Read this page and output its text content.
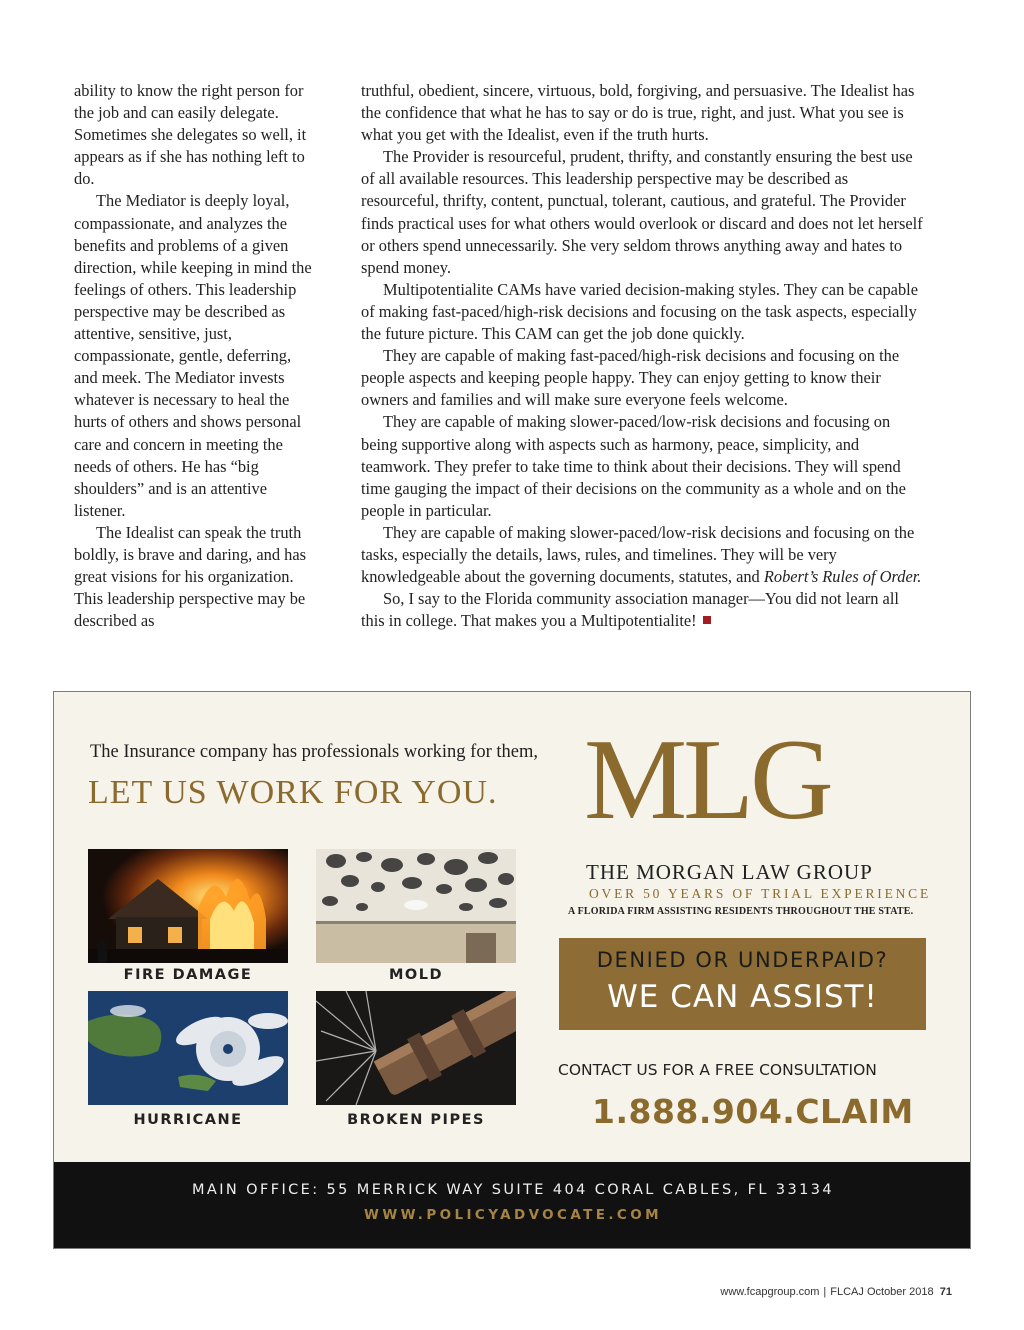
ability to know the right person for the job and can easily delegate. Sometimes she delegates so well, it appears as if she has nothing left to do.

The Mediator is deeply loyal, compassionate, and analyzes the benefits and problems of a given direction, while keeping in mind the feelings of others. This leadership perspective may be described as attentive, sensitive, just, compassionate, gentle, deferring, and meek. The Mediator invests whatever is necessary to heal the hurts of others and shows personal care and concern in meeting the needs of others. He has “big shoulders” and is an attentive listener.

The Idealist can speak the truth boldly, is brave and daring, and has great visions for his organization. This leadership perspective may be described as

truthful, obedient, sincere, virtuous, bold, forgiving, and persuasive. The Idealist has the confidence that what he has to say or do is true, right, and just. What you see is what you get with the Idealist, even if the truth hurts.

The Provider is resourceful, prudent, thrifty, and constantly ensuring the best use of all available resources. This leadership perspective may be described as resourceful, thrifty, content, punctual, tolerant, cautious, and grateful. The Provider finds practical uses for what others would overlook or discard and does not let herself or others spend unnecessarily. She very seldom throws anything away and hates to spend money.

Multipotentialite CAMs have varied decision-making styles. They can be capable of making fast-paced/high-risk decisions and focusing on the task aspects, especially the future picture. This CAM can get the job done quickly.

They are capable of making fast-paced/high-risk decisions and focusing on the people aspects and keeping people happy. They can enjoy getting to know their owners and families and will make sure everyone feels welcome.

They are capable of making slower-paced/low-risk decisions and focusing on being supportive along with aspects such as harmony, peace, simplicity, and teamwork. They prefer to take time to think about their decisions. They will spend time gauging the impact of their decisions on the community as a whole and on the people in particular.

They are capable of making slower-paced/low-risk decisions and focusing on the tasks, especially the details, laws, rules, and timelines. They will be very knowledgeable about the governing documents, statutes, and Robert’s Rules of Order.

So, I say to the Florida community association manager—You did not learn all this in college. That makes you a Multipotentialite!

The Insurance company has professionals working for them,
LET US WORK FOR YOU.
FIRE DAMAGE	MOLD
HURRICANE	BROKEN PIPES
MLG
THE MORGAN LAW GROUP
OVER 50 YEARS OF TRIAL EXPERIENCE
A FLORIDA FIRM ASSISTING RESIDENTS THROUGHOUT THE STATE.
DENIED OR UNDERPAID?
WE CAN ASSIST!
CONTACT US FOR A FREE CONSULTATION
1.888.904.CLAIM
MAIN OFFICE: 55 MERRICK WAY SUITE 404 CORAL CABLES, FL 33134
WWW.POLICYADVOCATE.COM
www.fcapgroup.com | FLCAJ October 2018 71
